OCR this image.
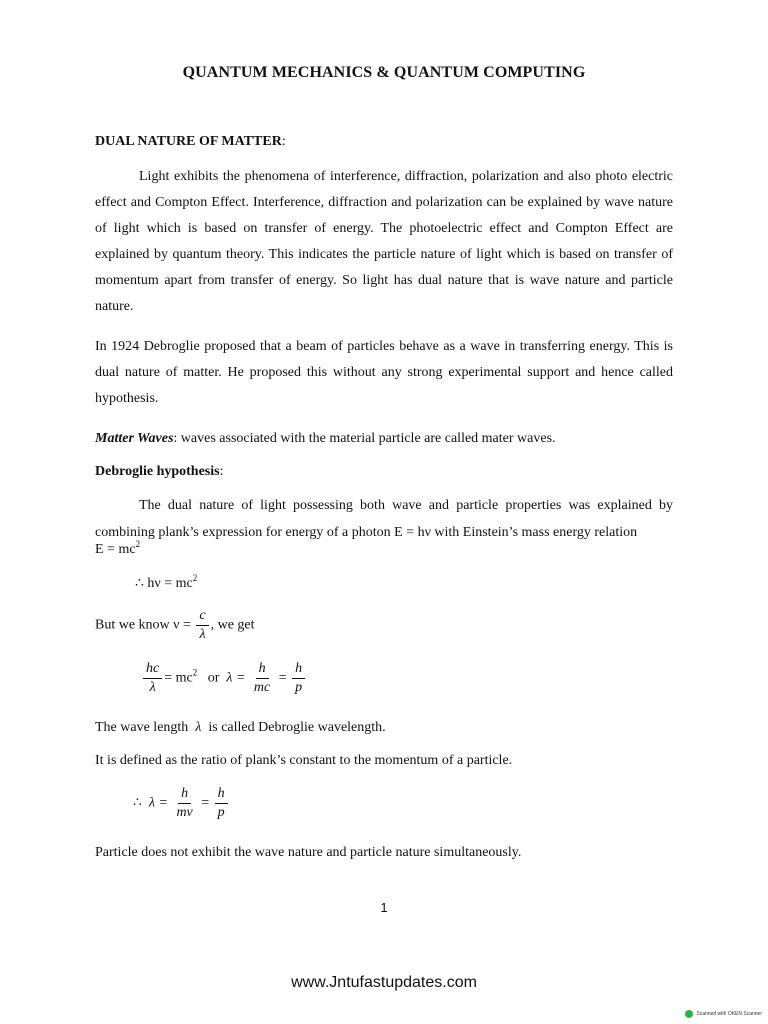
QUANTUM MECHANICS & QUANTUM COMPUTING
DUAL NATURE OF MATTER:
Light exhibits the phenomena of interference, diffraction, polarization and also photo electric effect and Compton Effect. Interference, diffraction and polarization can be explained by wave nature of light which is based on transfer of energy. The photoelectric effect and Compton Effect are explained by quantum theory. This indicates the particle nature of light which is based on transfer of momentum apart from transfer of energy. So light has dual nature that is wave nature and particle nature.
In 1924 Debroglie proposed that a beam of particles behave as a wave in transferring energy. This is dual nature of matter. He proposed this without any strong experimental support and hence called hypothesis.
Matter Waves: waves associated with the material particle are called mater waves.
Debroglie hypothesis:
The dual nature of light possessing both wave and particle properties was explained by combining plank’s expression for energy of a photon E = hν with Einstein’s mass energy relation
$E = mc^2$
∴ $h\nu = mc^2$
But we know $\nu = \frac{c}{\lambda}$ , we get
$\frac{hc}{\lambda} = mc^2$ or $\lambda = \frac{h}{mc} = \frac{h}{p}$
The wave length λ is called Debroglie wavelength.
It is defined as the ratio of plank’s constant to the momentum of a particle.
∴ $\lambda = \frac{h}{mv} = \frac{h}{p}$
Particle does not exhibit the wave nature and particle nature simultaneously.
1
www.Jntufastupdates.com
Scanned with OKEN Scanner
